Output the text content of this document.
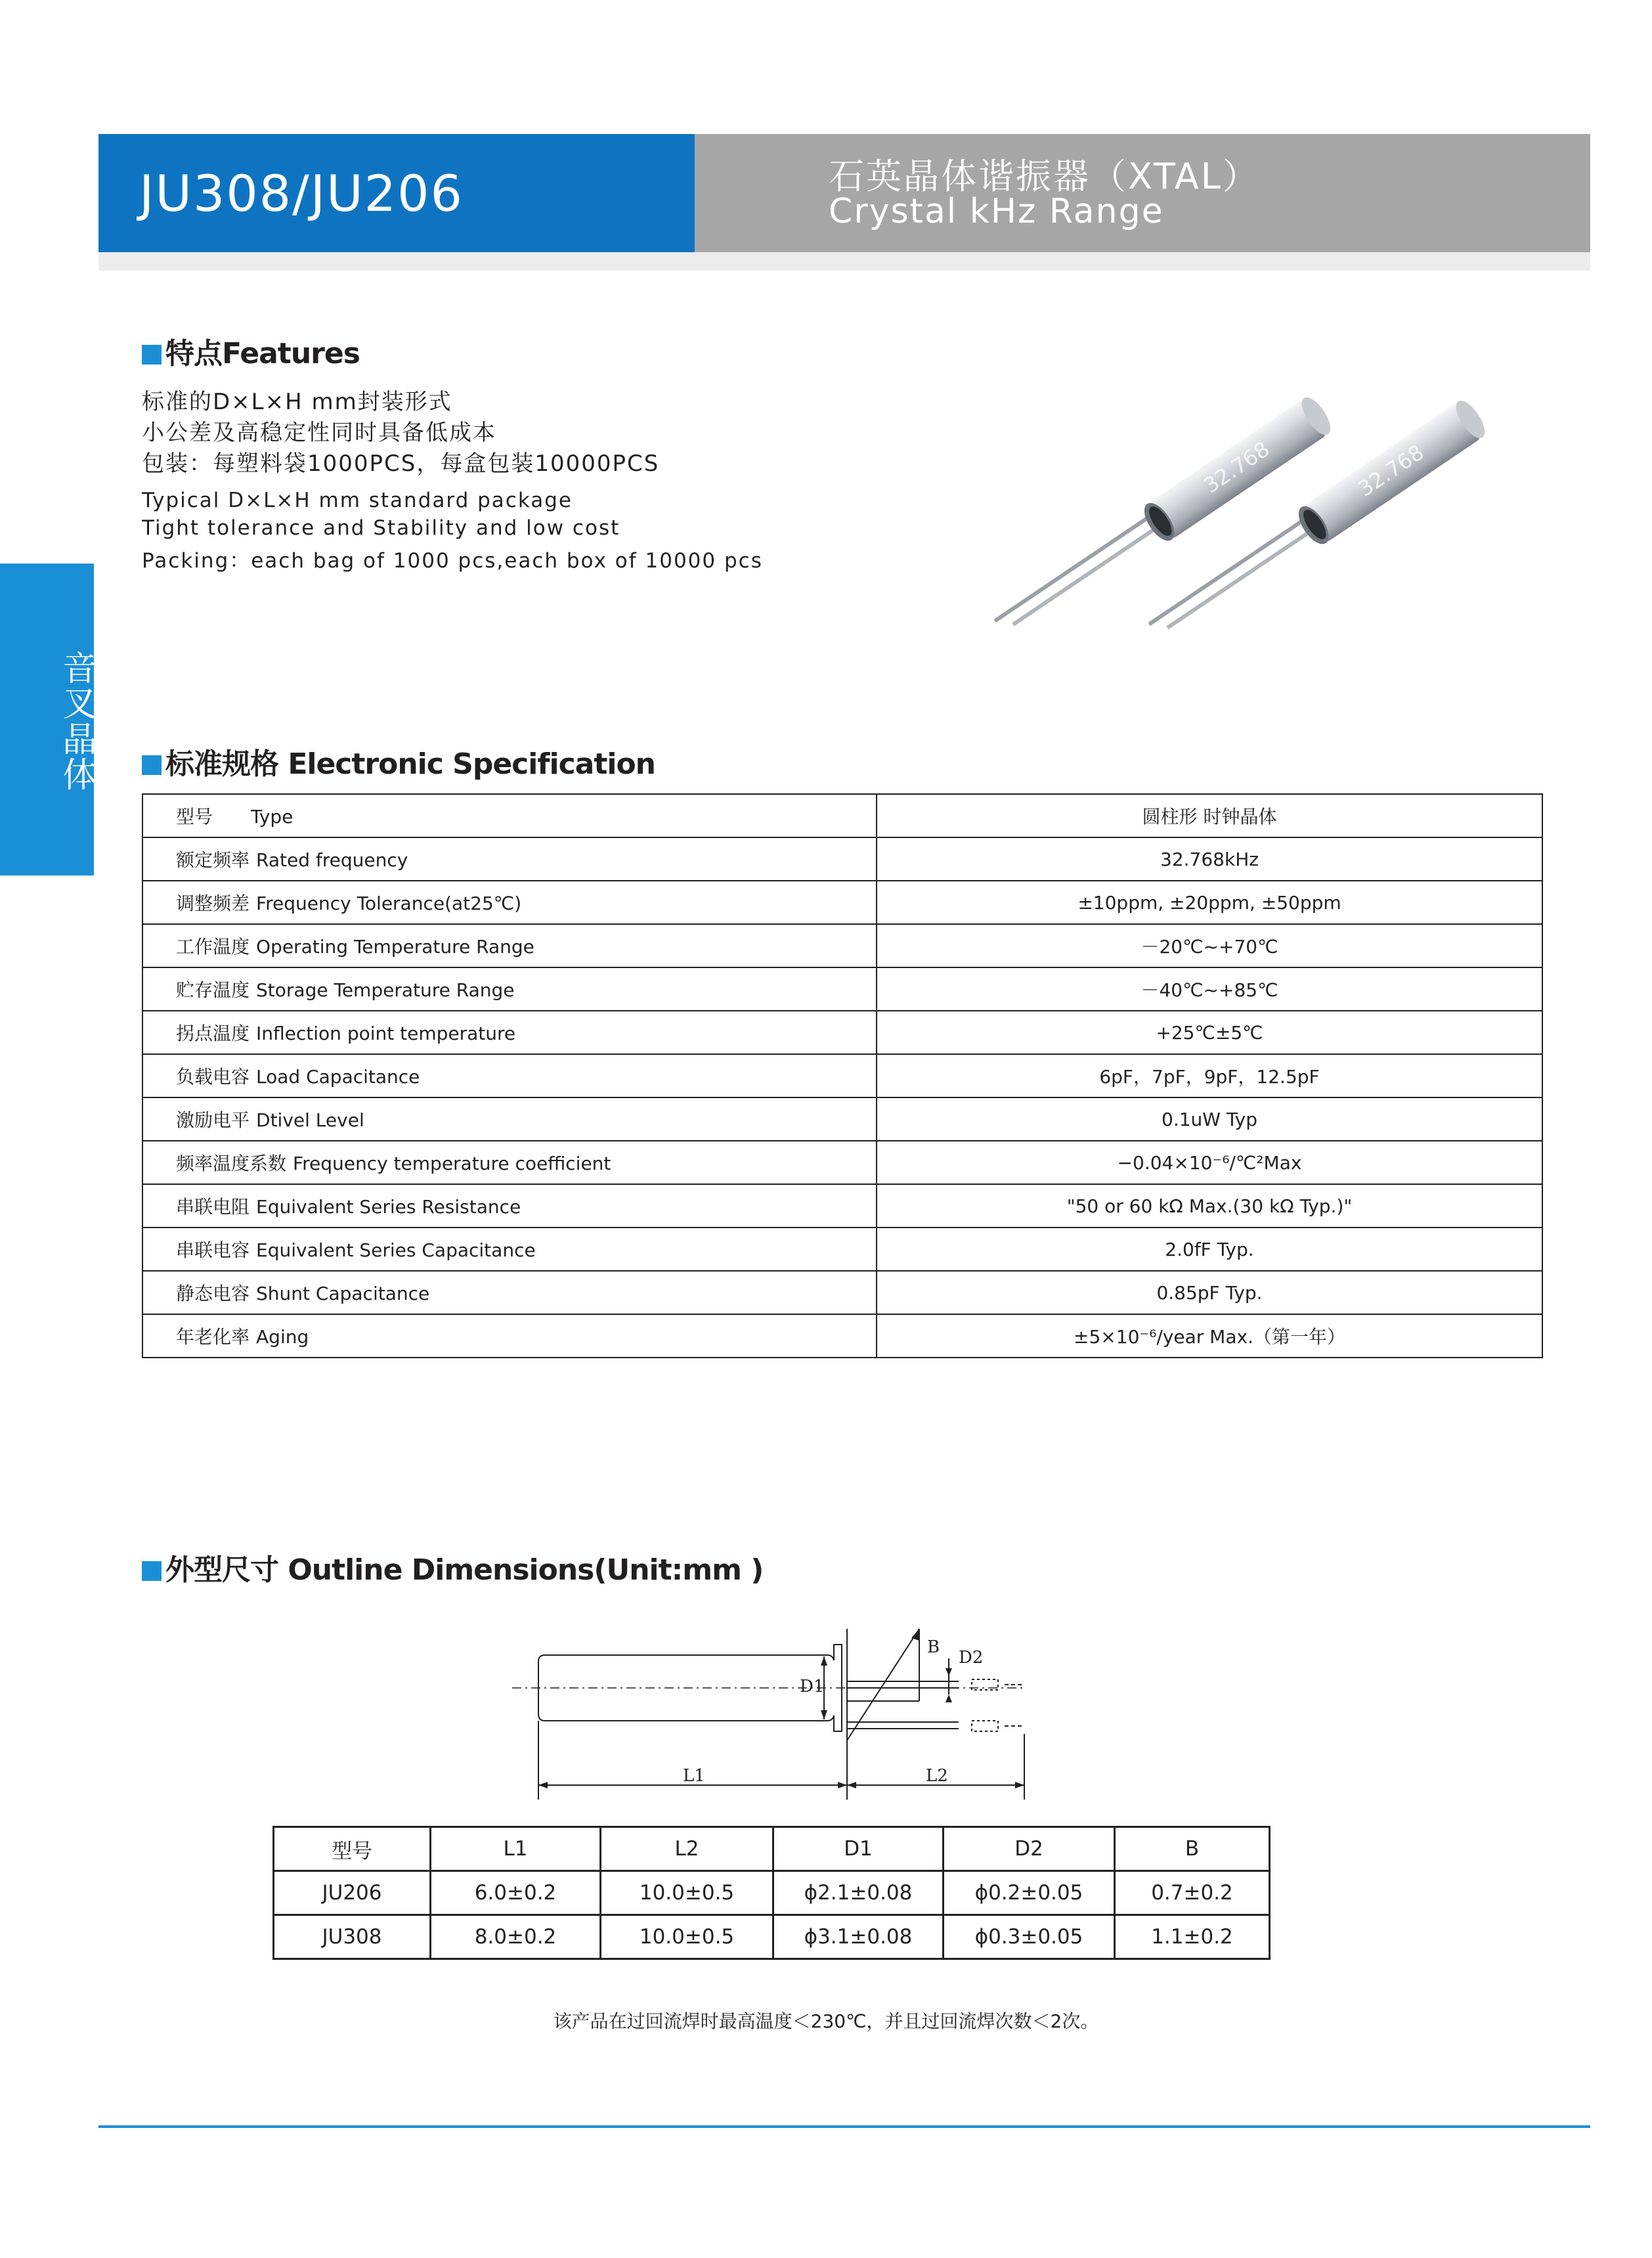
JU308/JU206	石英晶体谐振器（XTAL）
Crystal kHz Range
音叉晶体
特点Features
标准的D×L×H mm封装形式
小公差及高稳定性同时具备低成本
包装：每塑料袋1000PCS，每盒包装10000PCS
Typical D×L×H mm standard package
Tight tolerance and Stability and low cost
Packing：each bag of 1000 pcs,each box of 10000 pcs
32.768	32.768
标准规格 Electronic Specification
型号 Type	圆柱形 时钟晶体
额定频率 Rated frequency	32.768kHz
调整频差 Frequency Tolerance(at25℃)	±10ppm, ±20ppm, ±50ppm
工作温度 Operating Temperature Range	－20℃~+70℃
贮存温度 Storage Temperature Range	－40℃~+85℃
拐点温度 Inflection point temperature	+25℃±5℃
负载电容 Load Capacitance	6pF，7pF，9pF，12.5pF
激励电平 Dtivel Level	0.1uW Typ
频率温度系数 Frequency temperature coefficient	−0.04×10⁻⁶/℃²Max
串联电阻 Equivalent Series Resistance	"50 or 60 kΩ Max.(30 kΩ Typ.)"
串联电容 Equivalent Series Capacitance	2.0fF Typ.
静态电容 Shunt Capacitance	0.85pF Typ.
年老化率 Aging	±5×10⁻⁶/year Max.（第一年）
外型尺寸 Outline Dimensions(Unit:mm )
B
D2
D1
L1	L2
型号	L1	L2	D1	D2	B
JU206	6.0±0.2	10.0±0.5	ϕ2.1±0.08	ϕ0.2±0.05	0.7±0.2
JU308	8.0±0.2	10.0±0.5	ϕ3.1±0.08	ϕ0.3±0.05	1.1±0.2
该产品在过回流焊时最高温度＜230℃，并且过回流焊次数＜2次。
